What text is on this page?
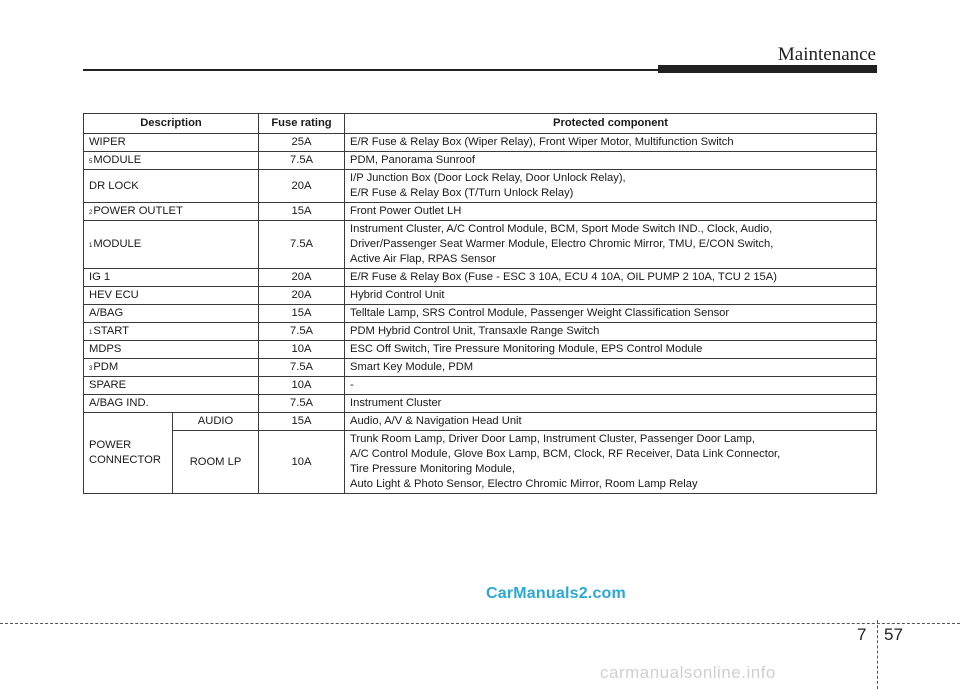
Maintenance
Description		Fuse rating	Protected component
WIPER		25A	E/R Fuse & Relay Box (Wiper Relay), Front Wiper Motor, Multifunction Switch

$^5$MODULE		7.5A	PDM, Panorama Sunroof

DR LOCK		20A	I/P Junction Box (Door Lock Relay, Door Unlock Relay),
E/R Fuse & Relay Box (T/Turn Unlock Relay)

$^2$POWER OUTLET		15A	Front Power Outlet LH

$^1$MODULE		7.5A	Instrument Cluster, A/C Control Module, BCM, Sport Mode Switch IND., Clock, Audio,
Driver/Passenger Seat Warmer Module, Electro Chromic Mirror, TMU, E/CON Switch,
Active Air Flap, RPAS Sensor

IG 1		20A	E/R Fuse & Relay Box (Fuse - ESC 3 10A, ECU 4 10A, OIL PUMP 2 10A, TCU 2 15A)

HEV ECU		20A	Hybrid Control Unit

A/BAG		15A	Telltale Lamp, SRS Control Module, Passenger Weight Classification Sensor

$^1$START		7.5A	PDM Hybrid Control Unit, Transaxle Range Switch

MDPS		10A	ESC Off Switch, Tire Pressure Monitoring Module, EPS Control Module

$^3$PDM		7.5A	Smart Key Module, PDM

SPARE		10A	-

A/BAG IND.		7.5A	Instrument Cluster

POWER
CONNECTOR	AUDIO	15A	Audio, A/V & Navigation Head Unit

	ROOM LP	10A	Trunk Room Lamp, Driver Door Lamp, Instrument Cluster, Passenger Door Lamp,
A/C Control Module, Glove Box Lamp, BCM, Clock, RF Receiver, Data Link Connector,
Tire Pressure Monitoring Module,
Auto Light & Photo Sensor, Electro Chromic Mirror, Room Lamp Relay
CarManuals2.com
7 57
carmanualsonline.info
